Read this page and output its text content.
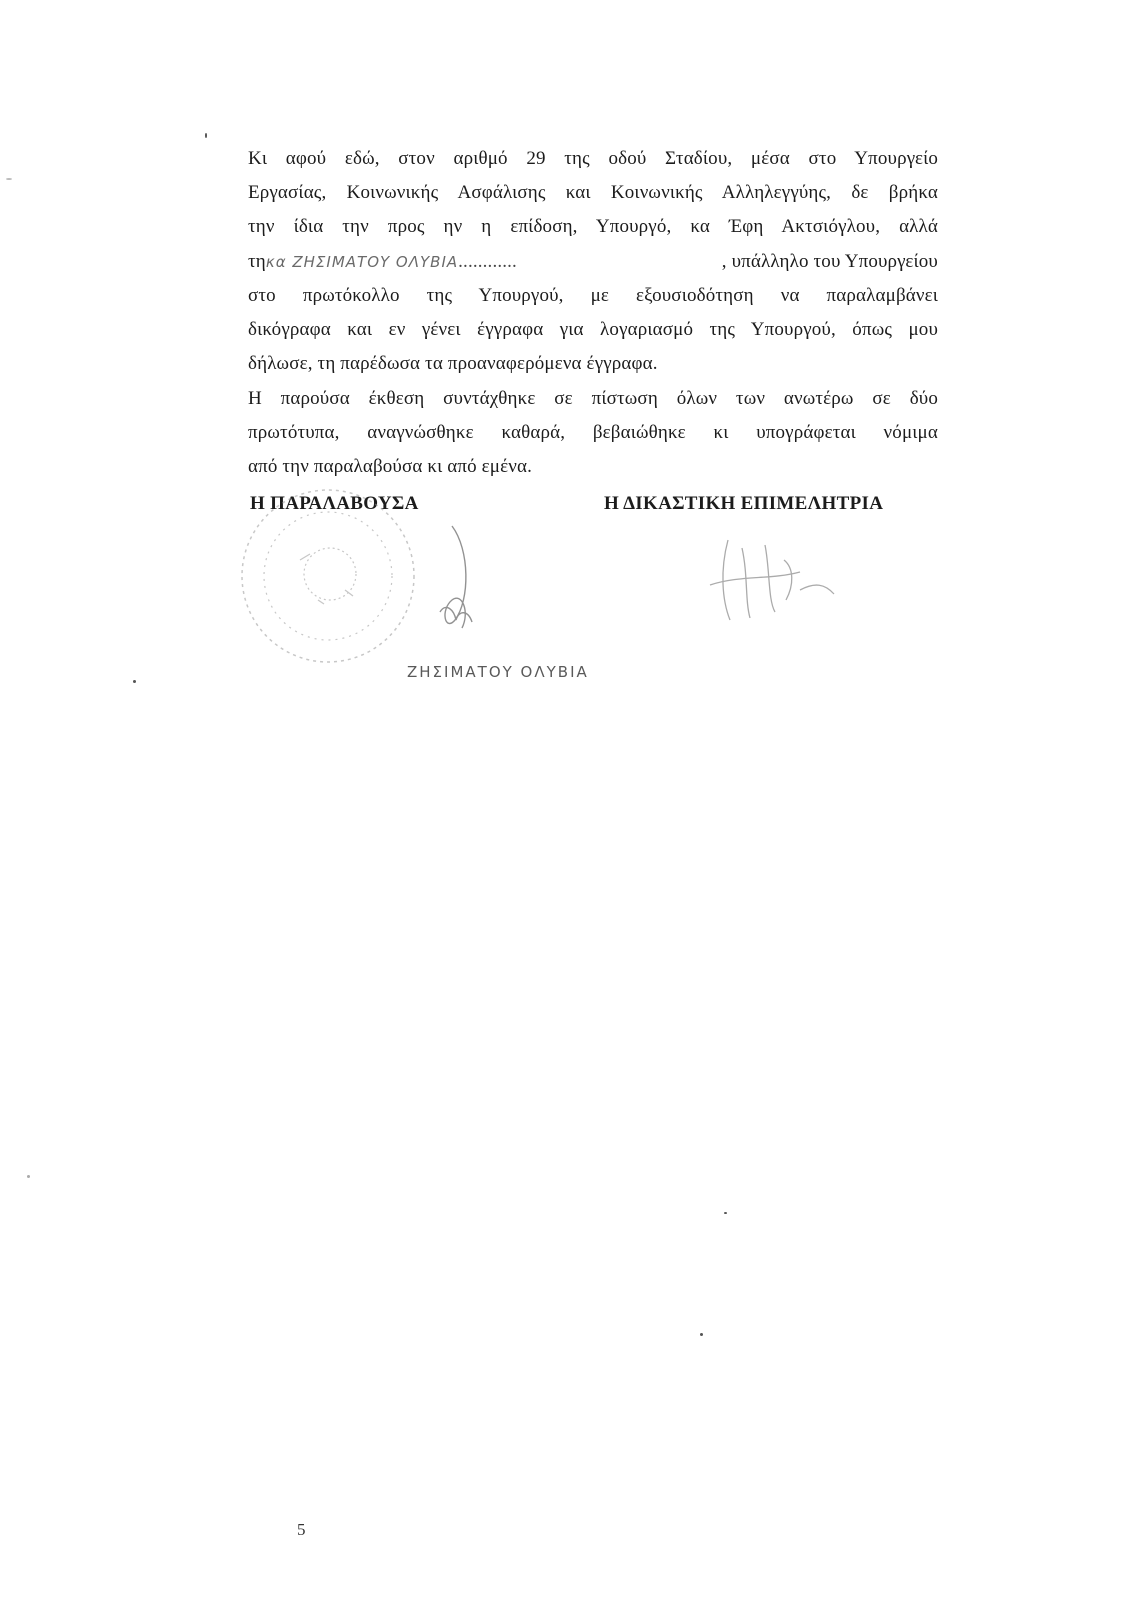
Κι αφού εδώ, στον αριθμό 29 της οδού Σταδίου, μέσα στο Υπουργείο
Εργασίας, Κοινωνικής Ασφάλισης και Κοινωνικής Αλληλεγγύης, δε βρήκα
την ίδια την προς ην η επίδοση, Υπουργό, κα Έφη Ακτσιόγλου, αλλά
τηκα ΖΗΣΙΜΑΤΟΥ ΟΛΥΒΙΑ............	, υπάλληλο του Υπουργείου
στο πρωτόκολλο της Υπουργού, με εξουσιοδότηση να παραλαμβάνει
δικόγραφα και εν γένει έγγραφα για λογαριασμό της Υπουργού, όπως μου
δήλωσε, τη παρέδωσα τα προαναφερόμενα έγγραφα.
Η παρούσα έκθεση συντάχθηκε σε πίστωση όλων των ανωτέρω σε δύο
πρωτότυπα, αναγνώσθηκε καθαρά, βεβαιώθηκε κι υπογράφεται νόμιμα
από την παραλαβούσα κι από εμένα.
Η ΠΑΡΑΛΑΒΟΥΣΑ	Η ΔΙΚΑΣΤΙΚΗ ΕΠΙΜΕΛΗΤΡΙΑ
ΖΗΣΙΜΑΤΟΥ ΟΛΥΒΙΑ
5
